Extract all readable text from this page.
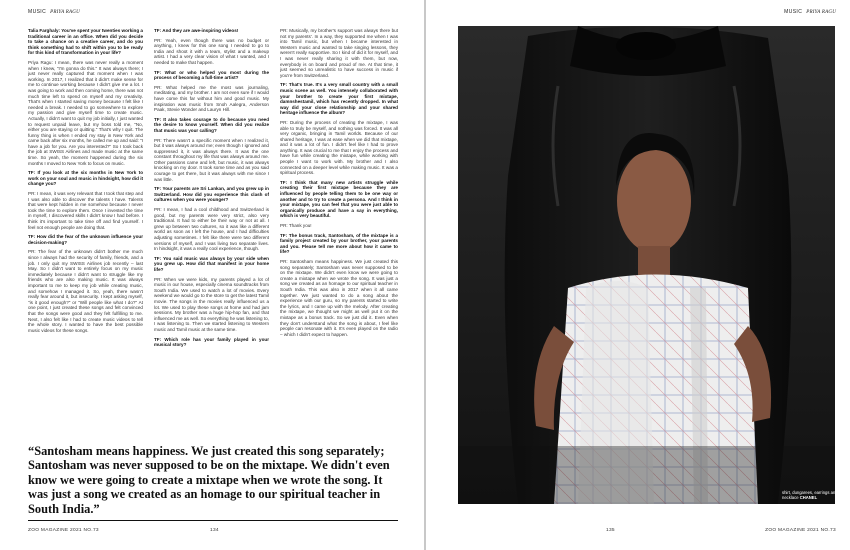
MUSIC PRIYA RAGU

Talia Farghaly: You've spent your twenties working a traditional career in an office. When did you decide to take a chance on a creative career, and do you think something had to shift within you to be ready for this kind of transformation in your life?

Priya Ragu: I mean, there was never really a moment when I knew, "I'm gonna do this." It was always there; I just never really captured that moment when I was working. In 2017, I realized that it didn't make sense for me to continue working because I didn't give me a lot. I was going to work and then coming home, there was not much time left to spend on myself and my creativity. That's when I started saving money because I felt like I needed a break. I needed to go somewhere to explore my passion and give myself time to create music. Actually, I didn't want to quit my job initially, I just wanted to request unpaid leave, but my boss told me, "No, either you are staying or quitting." That's why I quit. The funny thing is when I ended my stay in New York and came back after six months, he called me up and said: "I have a job for you. Are you interested?" So I took back the job at SWISS Airlines and made music at the same time. So yeah, the moment happened during the six months I moved to New York to focus on music.

TF: If you look at the six months in New York to work on your soul and music in hindsight, how did it change you?

PR: I mean, it was very relevant that I took that step and I was also able to discover the talents I have. Talents that were kept hidden in me somehow because I never took the time to explore them. Once I invested the time in myself, I discovered skills I didn't know I had before. I think it's important to take time off and find yourself. I feel not enough people are doing that.

TF: How did the fear of the unknown influence your decision-making?

PR: The fear of the unknown didn't bother me much since I always had the security of family, friends, and a job. I only quit my SWISS Airlines job recently – last May. So I didn't want to entirely focus on my music immediately because I didn't want to struggle like my friends who are also making music. It was always important to me to keep my job while creating music, and somehow I managed it. So, yeah, there wasn't really fear around it, but insecurity. I kept asking myself, "is it good enough?" or "Will people like what I do?" At one point, I just created these songs and felt convinced that the songs were good and they felt fulfilling to me. Next, I also felt like I had to create music videos to tell the whole story. I wanted to have the best possible music videos for these songs.

TF: And they are awe-inspiring videos!

PR: Yeah, even though there was no budget or anything, I knew for this one song I needed to go to India and shoot it with a team, stylist and a makeup artist. I had a very clear vision of what I wanted, and I needed to make that happen.

TF: What or who helped you most during the process of becoming a full-time artist?

PR: What helped me the most was journaling, meditating, and my brother. I am not even sure if I would have come this far without him and good music. My inspiration was music from Snoh Aalegra, Anderson Paak, Stevie Wonder and Lauryn Hill.

TF: It also takes courage to do because you need the desire to know yourself. When did you realize that music was your calling?

PR: There wasn't a specific moment when I realized it, but it was always around me; even though I ignored and suppressed it, it was always there. It was the one constant throughout my life that was always around me. Other passions came and left, but music, it was always knocking on my door. It took some time and as you said courage to get there, but it was always with me since I was little.

TF: Your parents are Sri Lankan, and you grew up in Switzerland. How did you experience this clash of cultures when you were younger?

PR: I mean, I had a cool childhood and Switzerland is good, but my parents were very strict, also very traditional. It had to either be their way or not at all. I grew up between two cultures, so it was like a different world as soon as I left the house, and I had difficulties adjusting sometimes. I felt like there were two different versions of myself, and I was living two separate lives. In hindsight, it was a really cool experience, though.

TF: You said music was always by your side when you grew up. How did that manifest in your home life?

PR: When we were kids, my parents played a lot of music in our house, especially cinema soundtracks from South India. We used to watch a lot of movies. Every weekend we would go to the store to get the latest Tamil movie. The songs in the movies really influenced us a lot. We used to play these songs at home and had jam sessions. My brother was a huge hip-hop fan, and that influenced me as well. So everything he was listening to, I was listening to. Then we started listening to Western music and Tamil music at the same time.

TF: Which role has your family played in your musical story?

PR: Musically, my brother's support was always there but not my parents'. In a way, they supported me when I was into Tamil music, but when I became interested in Western music and wanted to take singing lessons, they weren't really supportive. So I kind of did it for myself, and I was never really sharing it with them, but now, everybody is on board and proud of me. At that time, it just seemed so unrealistic to have success in music if you're from Switzerland.

TF: That's true. It's a very small country with a small music scene as well. You intensely collaborated with your brother to create your first mixtape, damnshestamil, which has recently dropped. In what way did your close relationship and your shared heritage influence the album?

PR: During the process of creating the mixtape, I was able to truly be myself, and nothing was forced. It was all very organic, bringing in Tamil worlds. Because of our shared heritage, I was at ease when we did that mixtape, and it was a lot of fun. I didn't feel like I had to prove anything. It was crucial to me that I enjoy the process and have fun while creating the mixtape, while working with people I want to work with. My brother and I also connected on a deeper level while making music. It was a spiritual process.

TF: I think that many new artists struggle while creating their first mixtape because they are influenced by people telling them to be one way or another and to try to create a persona. And I think in your mixtape, you can feel that you were just able to organically produce and have a say in everything, which is very beautiful.

PR: Thank you!

TF: The bonus track, Santosham, of the mixtape is a family project created by your brother, your parents and you. Please tell me more about how it came to life?

PR: Santosham means happiness. We just created this song separately; Santosham was never supposed to be on the mixtape. We didn't even know we were going to create a mixtape when we wrote the song. It was just a song we created as an homage to our spiritual teacher in South India. This was also in 2017 when it all came together. We just wanted to do a song about the experience with our guru, so my parents started to write the lyrics, and I came up with the melody. After creating the mixtape, we thought we might as well put it on the mixtape as a bonus track. So we just did it. Even when they don't understand what the song is about, I feel like people can resonate with it. It's even played on the radio – which I didn't expect to happen.

“Santosham means happiness. We just created this song separately; Santosham was never supposed to be on the mixtape. We didn't even know we were going to create a mixtape when we wrote the song. It was just a song we created as an homage to our spiritual teacher in South India.”

ZOO MAGAZINE 2021 NO.73	134
MUSIC PRIYA RAGU
shirt, dungarees, earrings and necklace CHANEL
135	ZOO MAGAZINE 2021 NO.73
